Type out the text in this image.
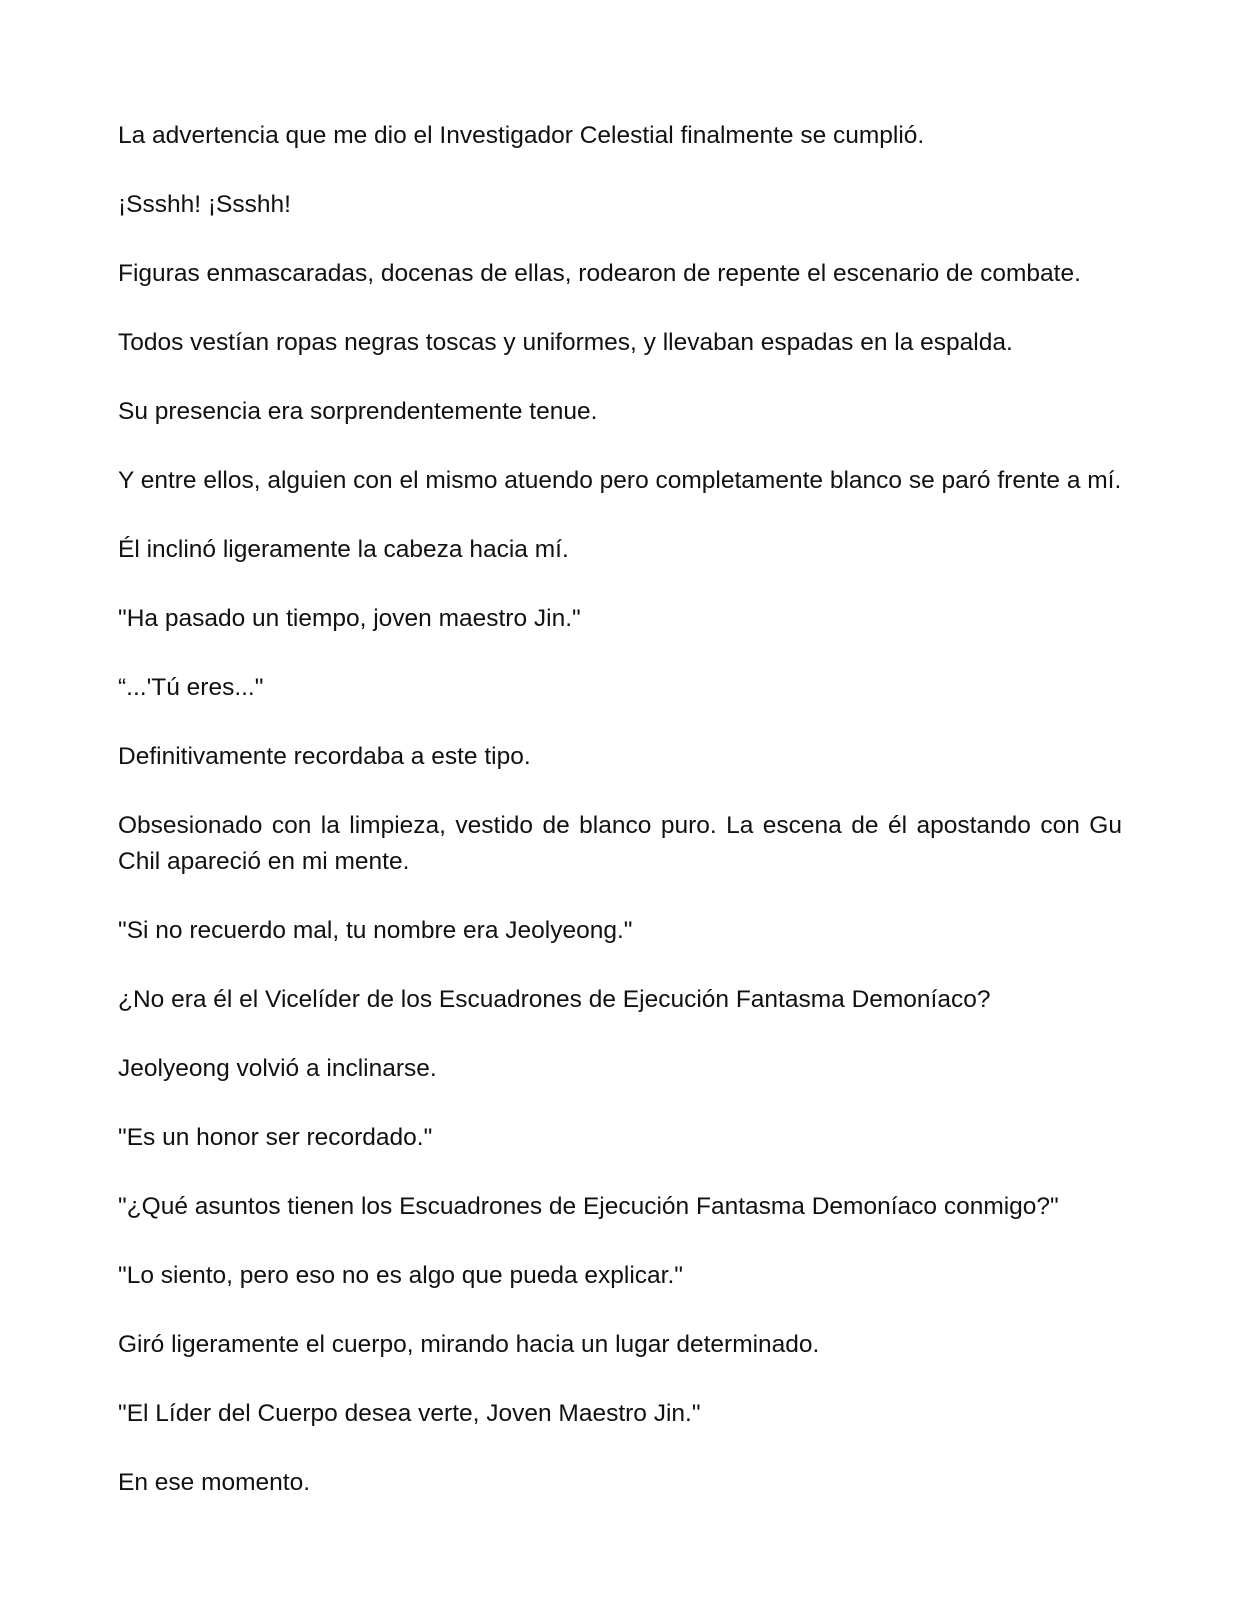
La advertencia que me dio el Investigador Celestial finalmente se cumplió.

¡Ssshh! ¡Ssshh!

Figuras enmascaradas, docenas de ellas, rodearon de repente el escenario de combate.

Todos vestían ropas negras toscas y uniformes, y llevaban espadas en la espalda.

Su presencia era sorprendentemente tenue.

Y entre ellos, alguien con el mismo atuendo pero completamente blanco se paró frente a mí.

Él inclinó ligeramente la cabeza hacia mí.

"Ha pasado un tiempo, joven maestro Jin."

“...'Tú eres..."

Definitivamente recordaba a este tipo.

Obsesionado con la limpieza, vestido de blanco puro. La escena de él apostando con Gu Chil apareció en mi mente.

"Si no recuerdo mal, tu nombre era Jeolyeong."

¿No era él el Vicelíder de los Escuadrones de Ejecución Fantasma Demoníaco?

Jeolyeong volvió a inclinarse.

"Es un honor ser recordado."

"¿Qué asuntos tienen los Escuadrones de Ejecución Fantasma Demoníaco conmigo?"

"Lo siento, pero eso no es algo que pueda explicar."

Giró ligeramente el cuerpo, mirando hacia un lugar determinado.

"El Líder del Cuerpo desea verte, Joven Maestro Jin."

En ese momento.
